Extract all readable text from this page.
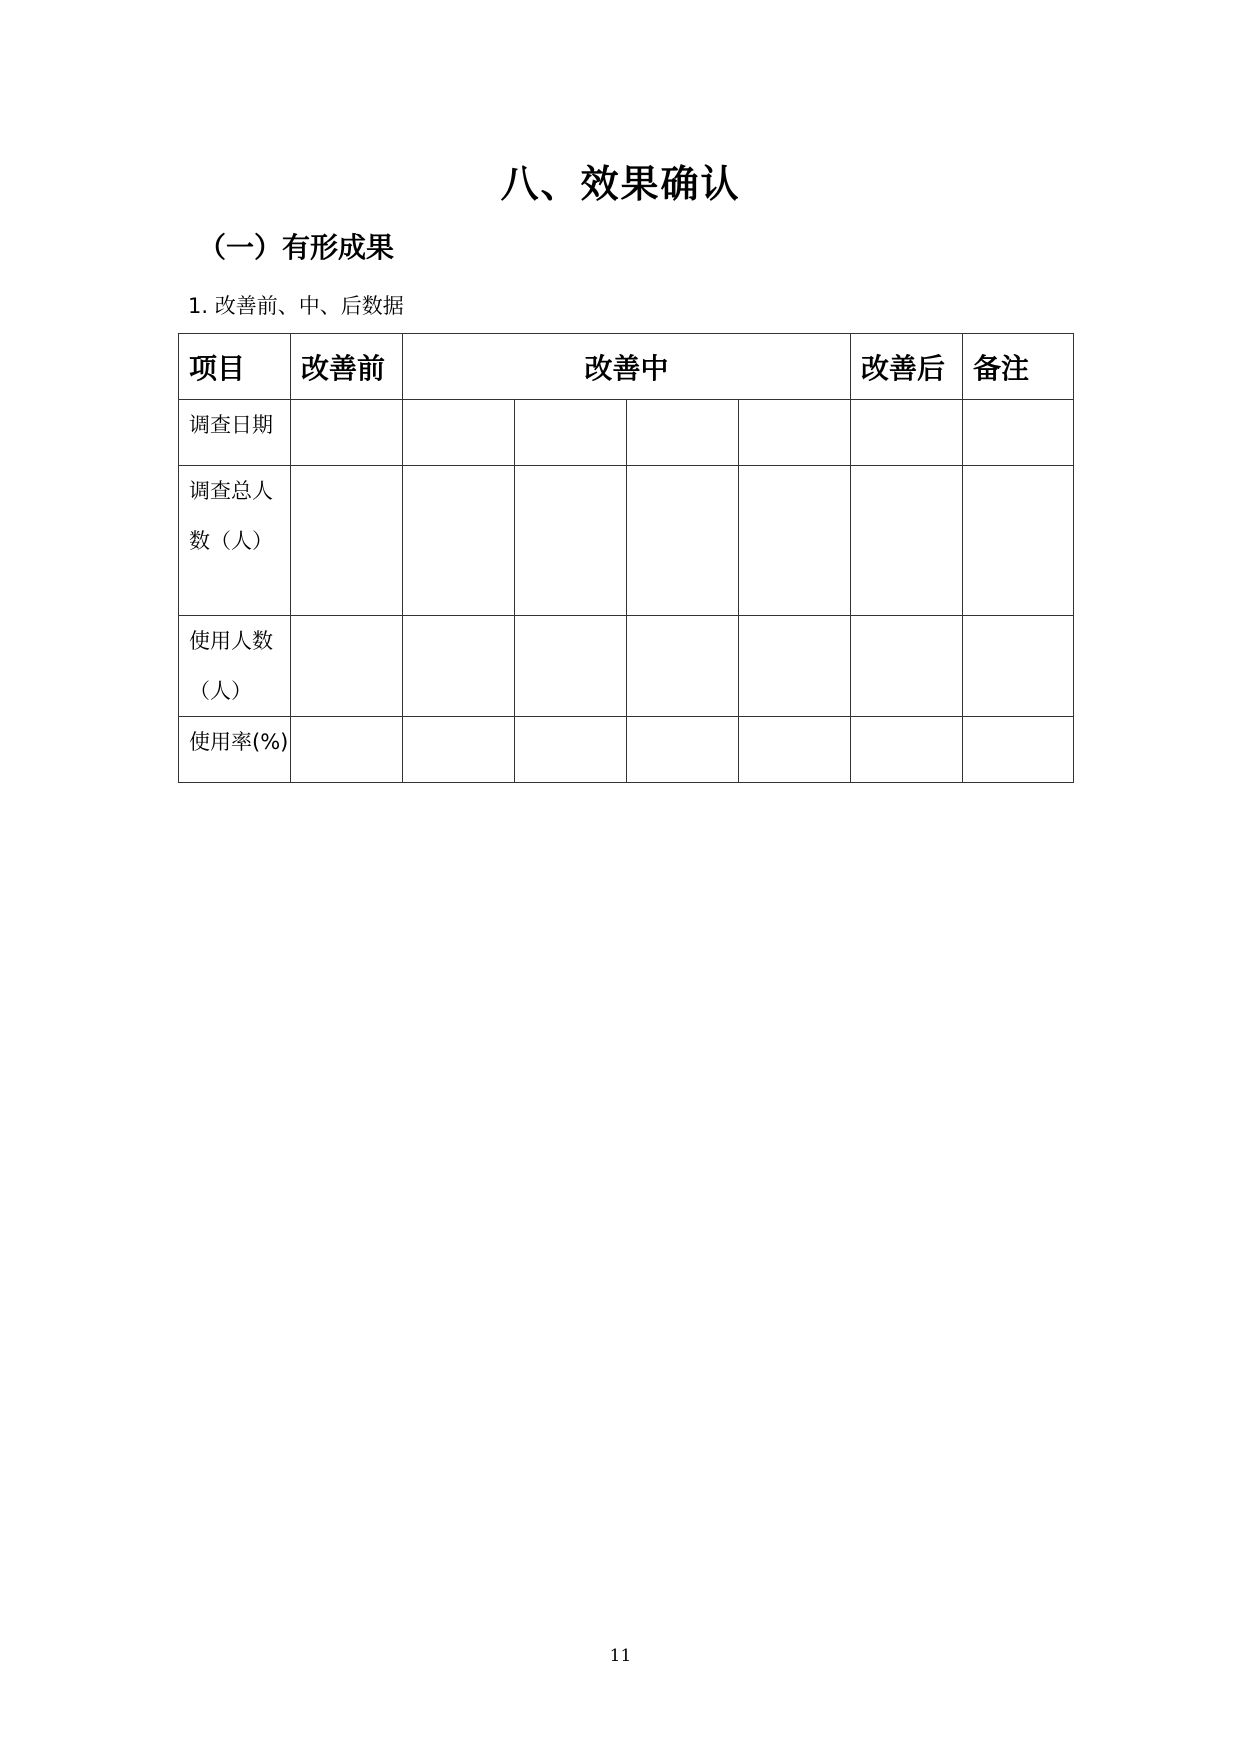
八、效果确认
（一）有形成果
1. 改善前、中、后数据
项目	改善前	改善中				改善后	备注
调查日期							
调查总人数（人）							
使用人数（人）							
使用率(%)							
11
